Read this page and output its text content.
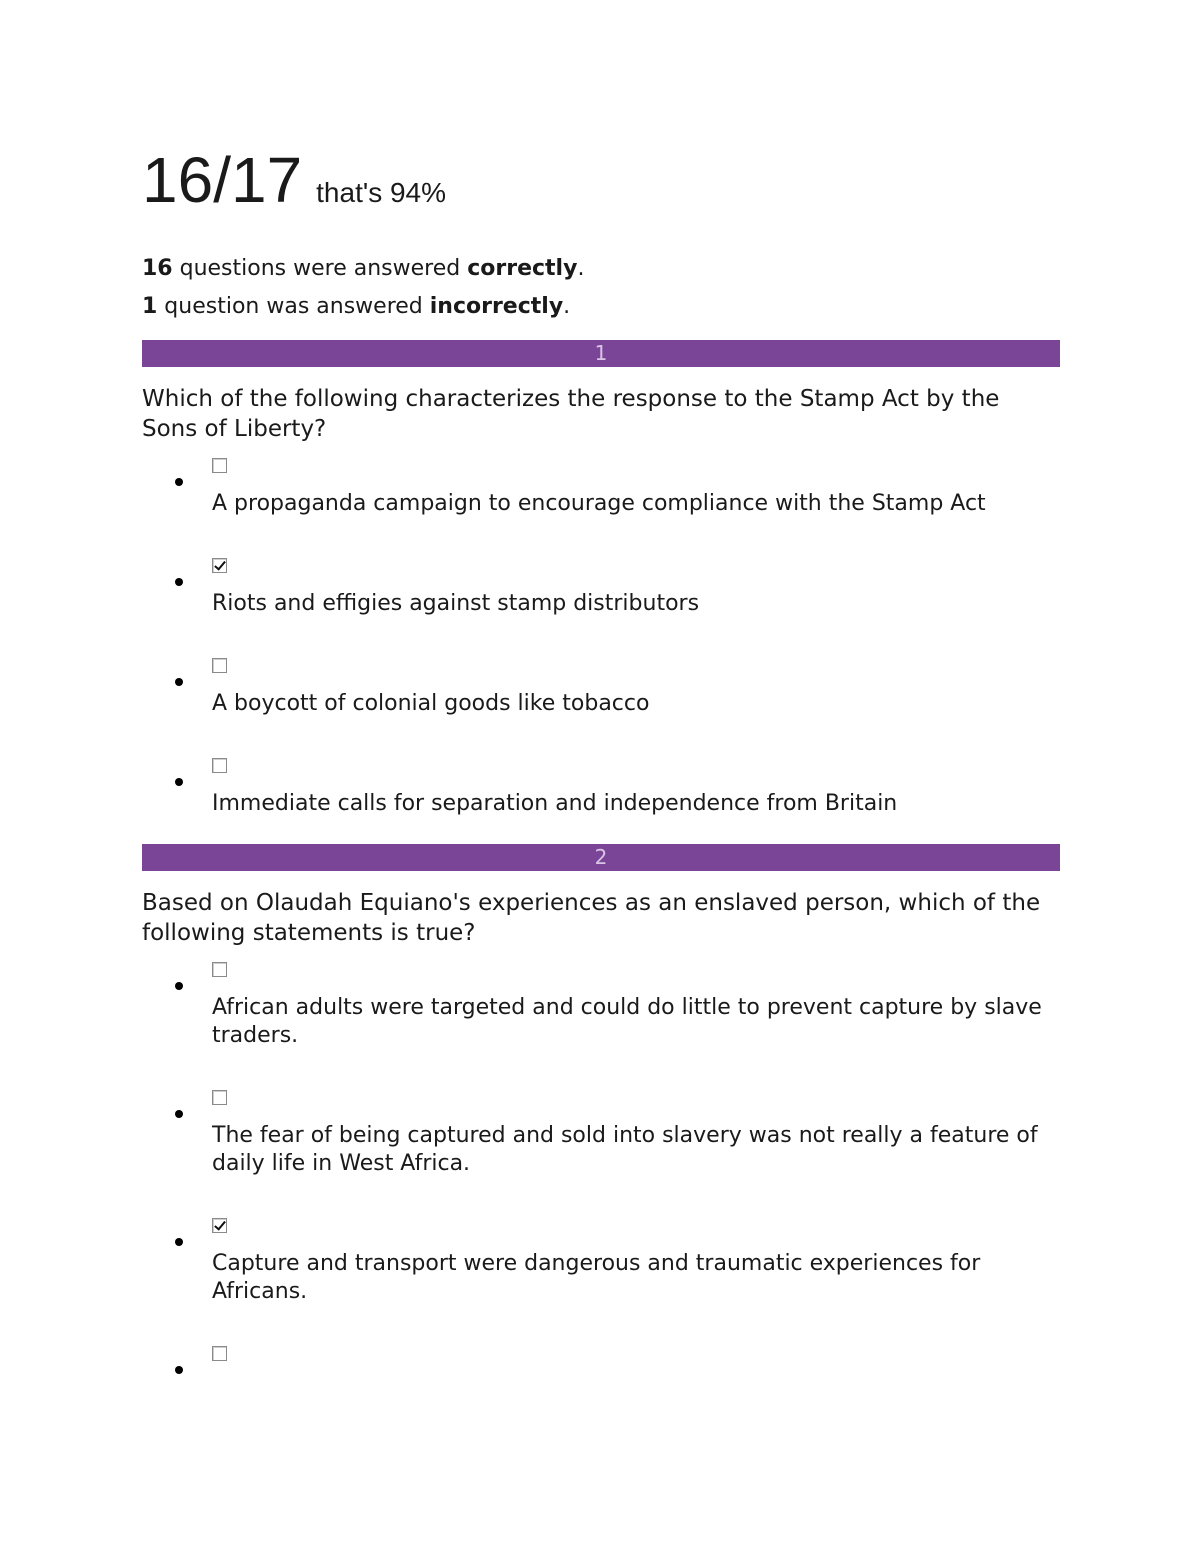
16/17 that's 94%

16 questions were answered correctly.

1 question was answered incorrectly.

1

Which of the following characterizes the response to the Stamp Act by the Sons of Liberty?

A propaganda campaign to encourage compliance with the Stamp Act
Riots and effigies against stamp distributors
A boycott of colonial goods like tobacco
Immediate calls for separation and independence from Britain
2

Based on Olaudah Equiano's experiences as an enslaved person, which of the following statements is true?

African adults were targeted and could do little to prevent capture by slave traders.
The fear of being captured and sold into slavery was not really a feature of daily life in West Africa.
Capture and transport were dangerous and traumatic experiences for Africans.
